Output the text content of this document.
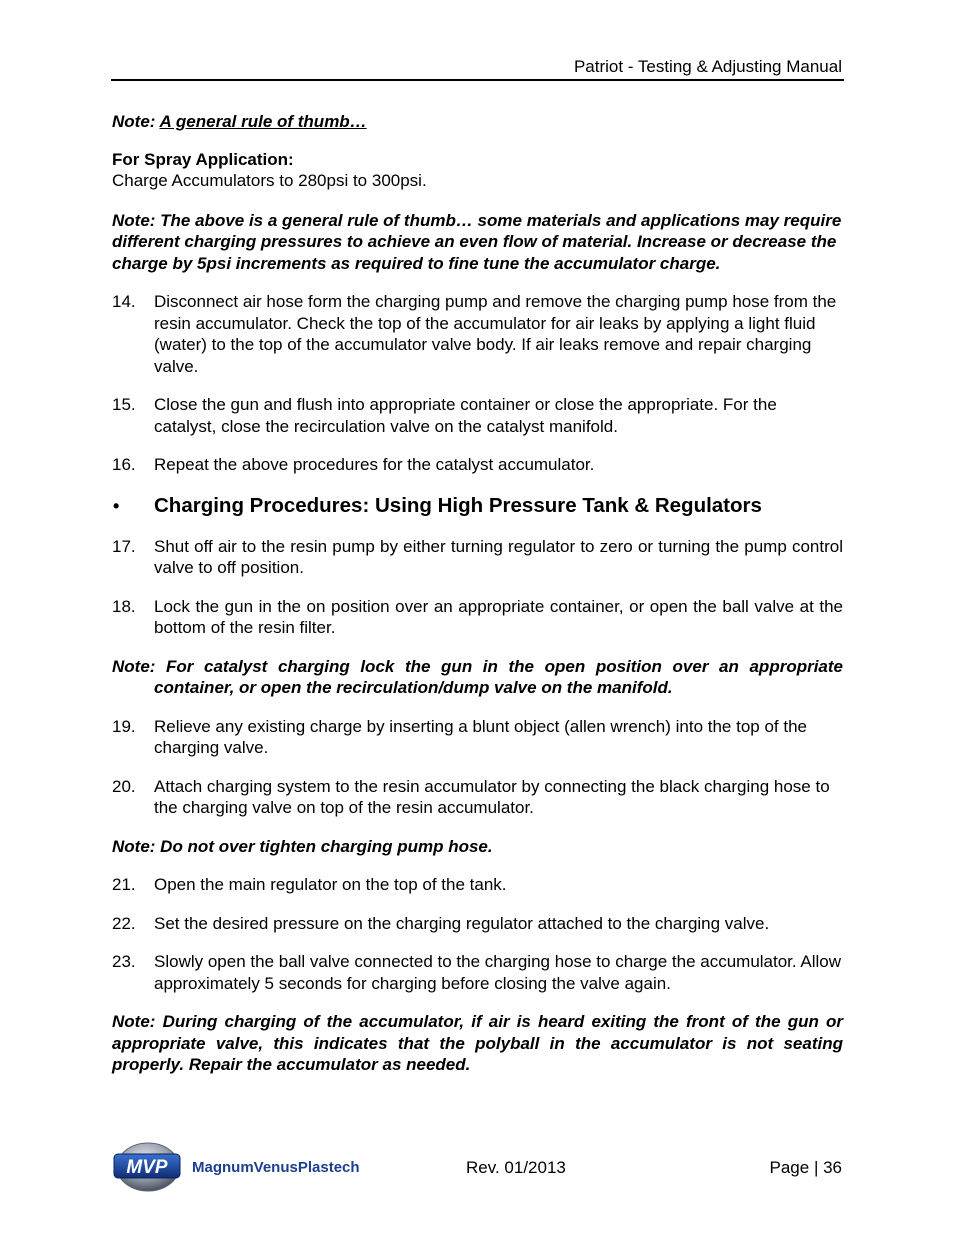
Patriot - Testing & Adjusting Manual

Note: A general rule of thumb…

For Spray Application:

Charge Accumulators to 280psi to 300psi.

Note: The above is a general rule of thumb… some materials and applications may require different charging pressures to achieve an even flow of material. Increase or decrease the charge by 5psi increments as required to fine tune the accumulator charge.

14. Disconnect air hose form the charging pump and remove the charging pump hose from the resin accumulator. Check the top of the accumulator for air leaks by applying a light fluid (water) to the top of the accumulator valve body. If air leaks remove and repair charging valve.
15. Close the gun and flush into appropriate container or close the appropriate. For the catalyst, close the recirculation valve on the catalyst manifold.
16. Repeat the above procedures for the catalyst accumulator.
• Charging Procedures: Using High Pressure Tank & Regulators
17. Shut off air to the resin pump by either turning regulator to zero or turning the pump control valve to off position.
18. Lock the gun in the on position over an appropriate container, or open the ball valve at the bottom of the resin filter.

Note: For catalyst charging lock the gun in the open position over an appropriate container, or open the recirculation/dump valve on the manifold.

19. Relieve any existing charge by inserting a blunt object (allen wrench) into the top of the charging valve.
20. Attach charging system to the resin accumulator by connecting the black charging hose to the charging valve on top of the resin accumulator.

Note: Do not over tighten charging pump hose.

21. Open the main regulator on the top of the tank.
22. Set the desired pressure on the charging regulator attached to the charging valve.
23. Slowly open the ball valve connected to the charging hose to charge the accumulator. Allow approximately 5 seconds for charging before closing the valve again.

Note: During charging of the accumulator, if air is heard exiting the front of the gun or appropriate valve, this indicates that the polyball in the accumulator is not seating properly. Repair the accumulator as needed.

MVP MagnumVenusPlastech	Rev. 01/2013	Page | 36
